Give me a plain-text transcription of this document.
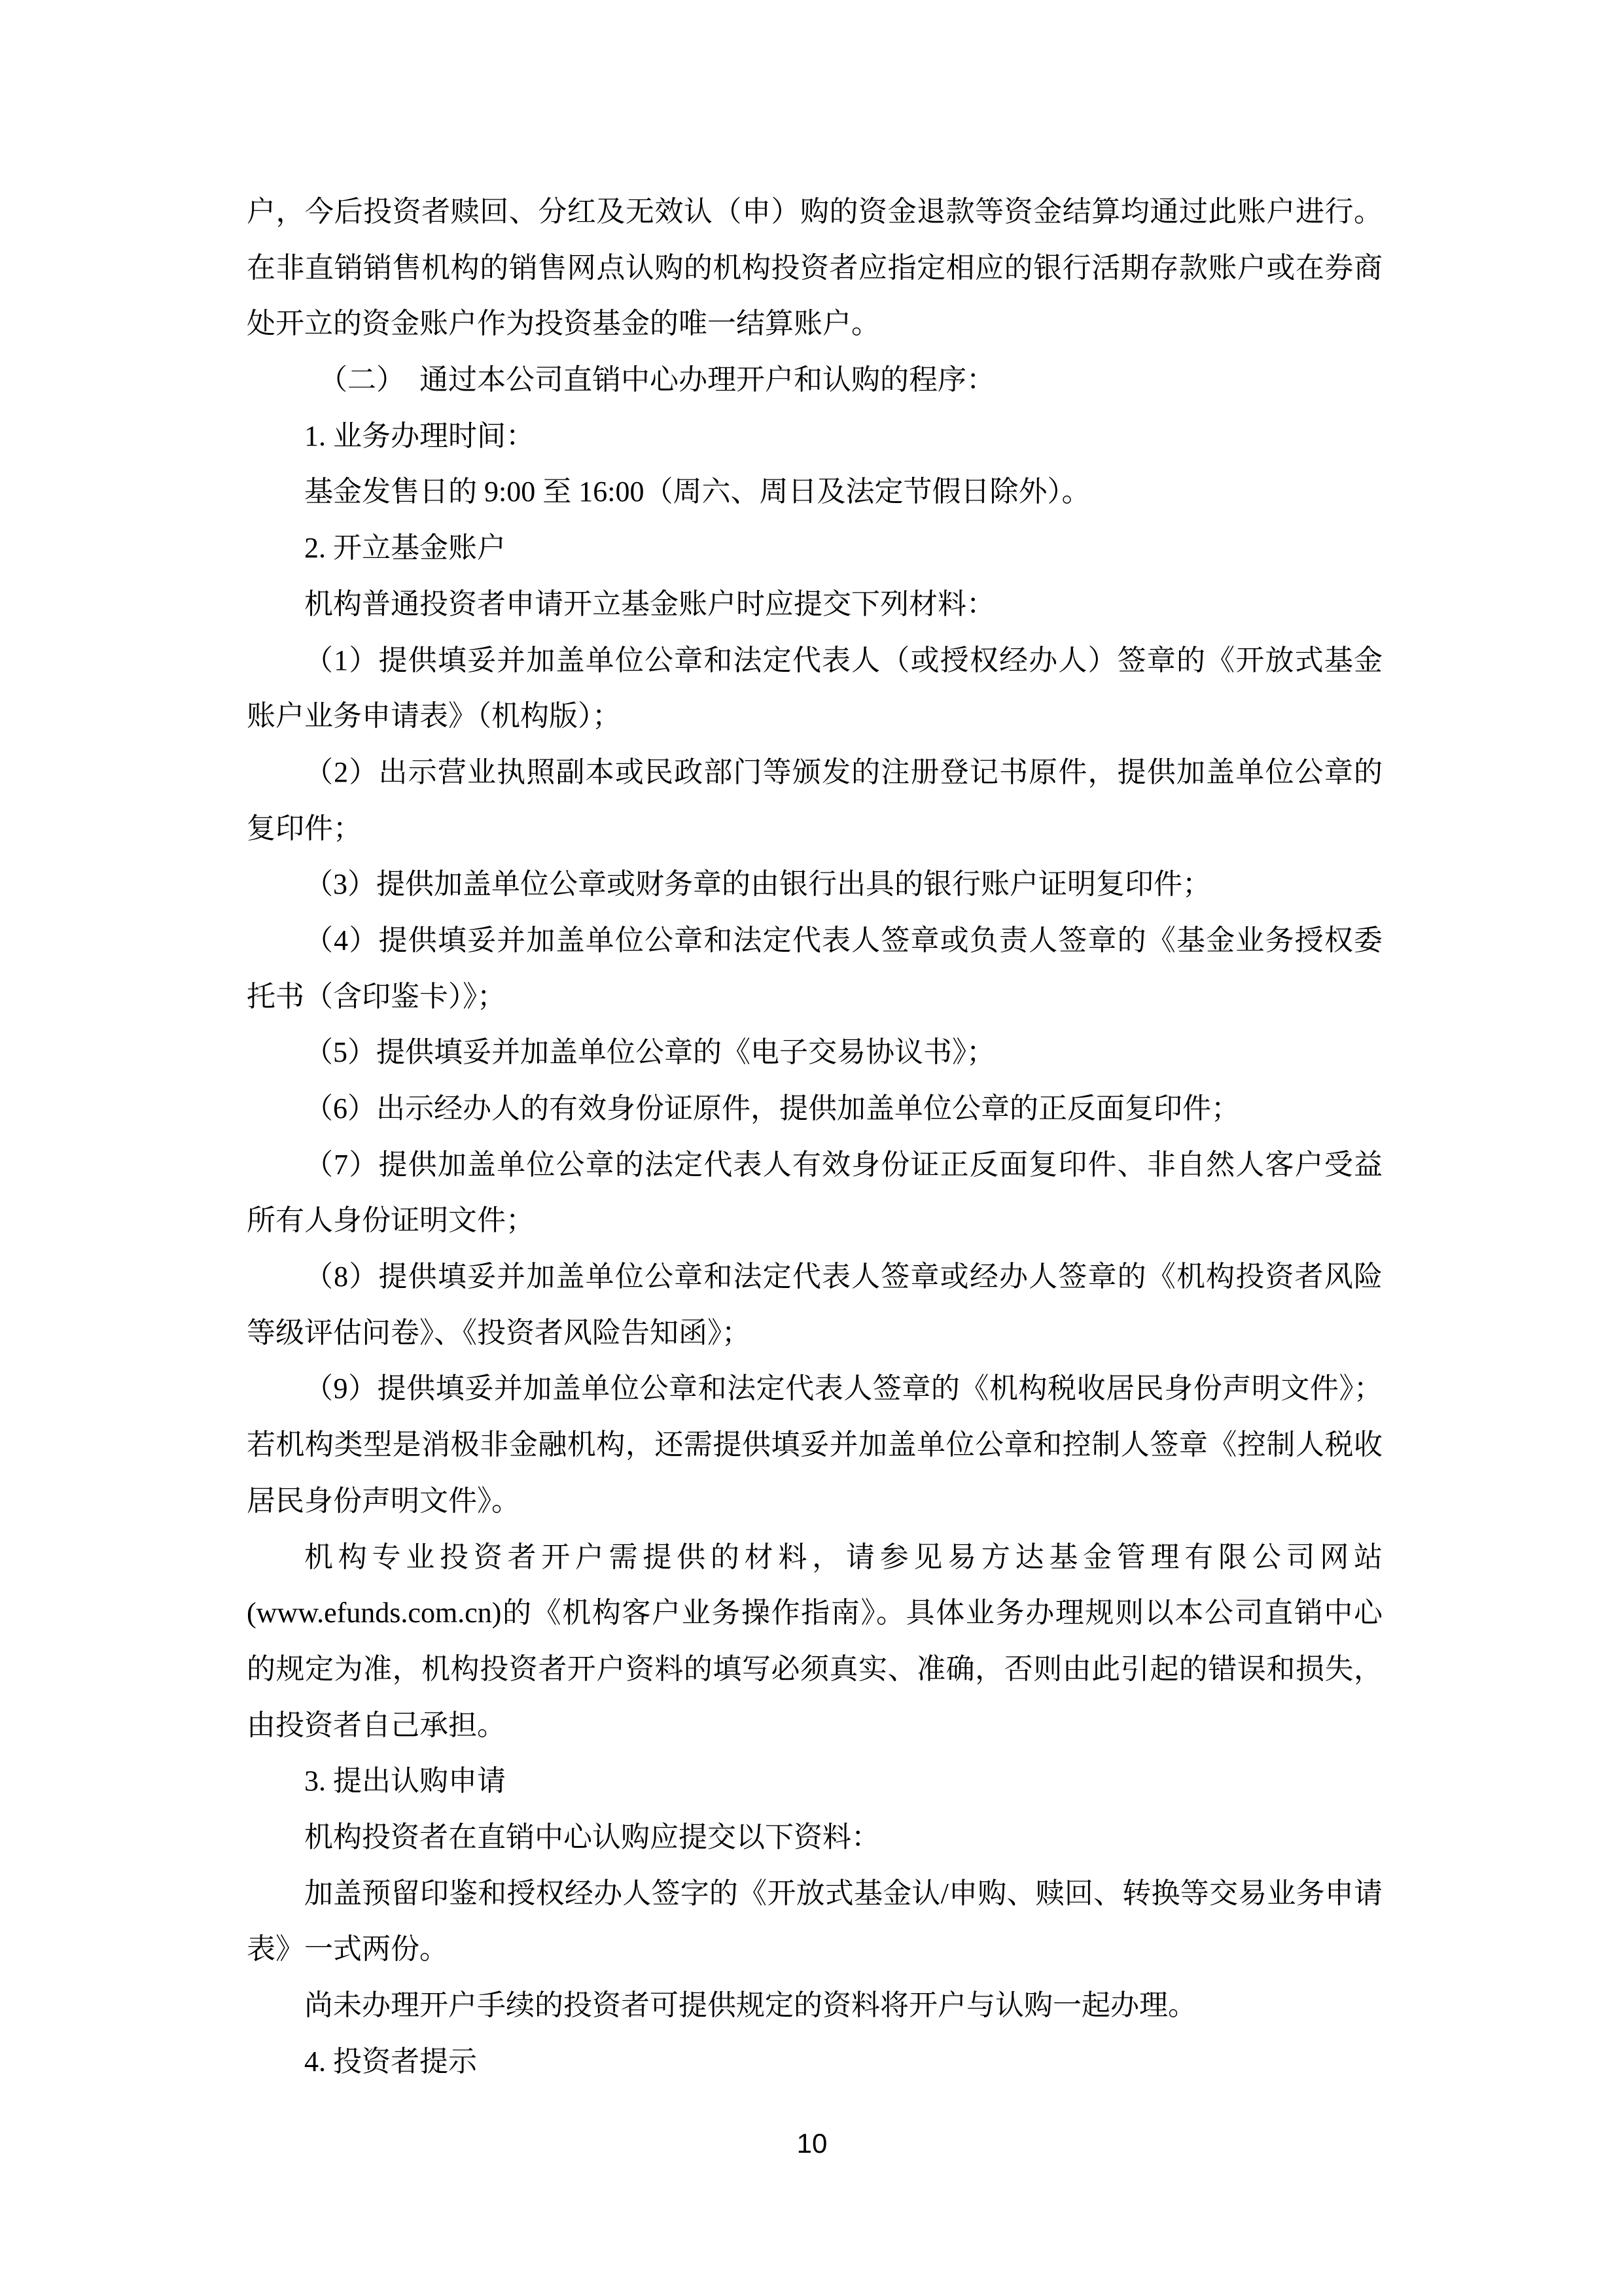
户，今后投资者赎回、分红及无效认（申）购的资金退款等资金结算均通过此账户进行。
在非直销销售机构的销售网点认购的机构投资者应指定相应的银行活期存款账户或在券商
处开立的资金账户作为投资基金的唯一结算账户。
（二）　通过本公司直销中心办理开户和认购的程序：
1. 业务办理时间：
基金发售日的 9:00 至 16:00（周六、周日及法定节假日除外）。
2. 开立基金账户
机构普通投资者申请开立基金账户时应提交下列材料：
（1）提供填妥并加盖单位公章和法定代表人（或授权经办人）签章的《开放式基金
账户业务申请表》（机构版）；
（2）出示营业执照副本或民政部门等颁发的注册登记书原件，提供加盖单位公章的
复印件；
（3）提供加盖单位公章或财务章的由银行出具的银行账户证明复印件；
（4）提供填妥并加盖单位公章和法定代表人签章或负责人签章的《基金业务授权委
托书（含印鉴卡）》；
（5）提供填妥并加盖单位公章的《电子交易协议书》；
（6）出示经办人的有效身份证原件，提供加盖单位公章的正反面复印件；
（7）提供加盖单位公章的法定代表人有效身份证正反面复印件、非自然人客户受益
所有人身份证明文件；
（8）提供填妥并加盖单位公章和法定代表人签章或经办人签章的《机构投资者风险
等级评估问卷》、《投资者风险告知函》；
（9）提供填妥并加盖单位公章和法定代表人签章的《机构税收居民身份声明文件》；
若机构类型是消极非金融机构，还需提供填妥并加盖单位公章和控制人签章《控制人税收
居民身份声明文件》。
机构专业投资者开户需提供的材料，请参见易方达基金管理有限公司网站
(www.efunds.com.cn)的《机构客户业务操作指南》。具体业务办理规则以本公司直销中心
的规定为准，机构投资者开户资料的填写必须真实、准确，否则由此引起的错误和损失，
由投资者自己承担。
3. 提出认购申请
机构投资者在直销中心认购应提交以下资料：
加盖预留印鉴和授权经办人签字的《开放式基金认/申购、赎回、转换等交易业务申请
表》一式两份。
尚未办理开户手续的投资者可提供规定的资料将开户与认购一起办理。
4. 投资者提示
10
